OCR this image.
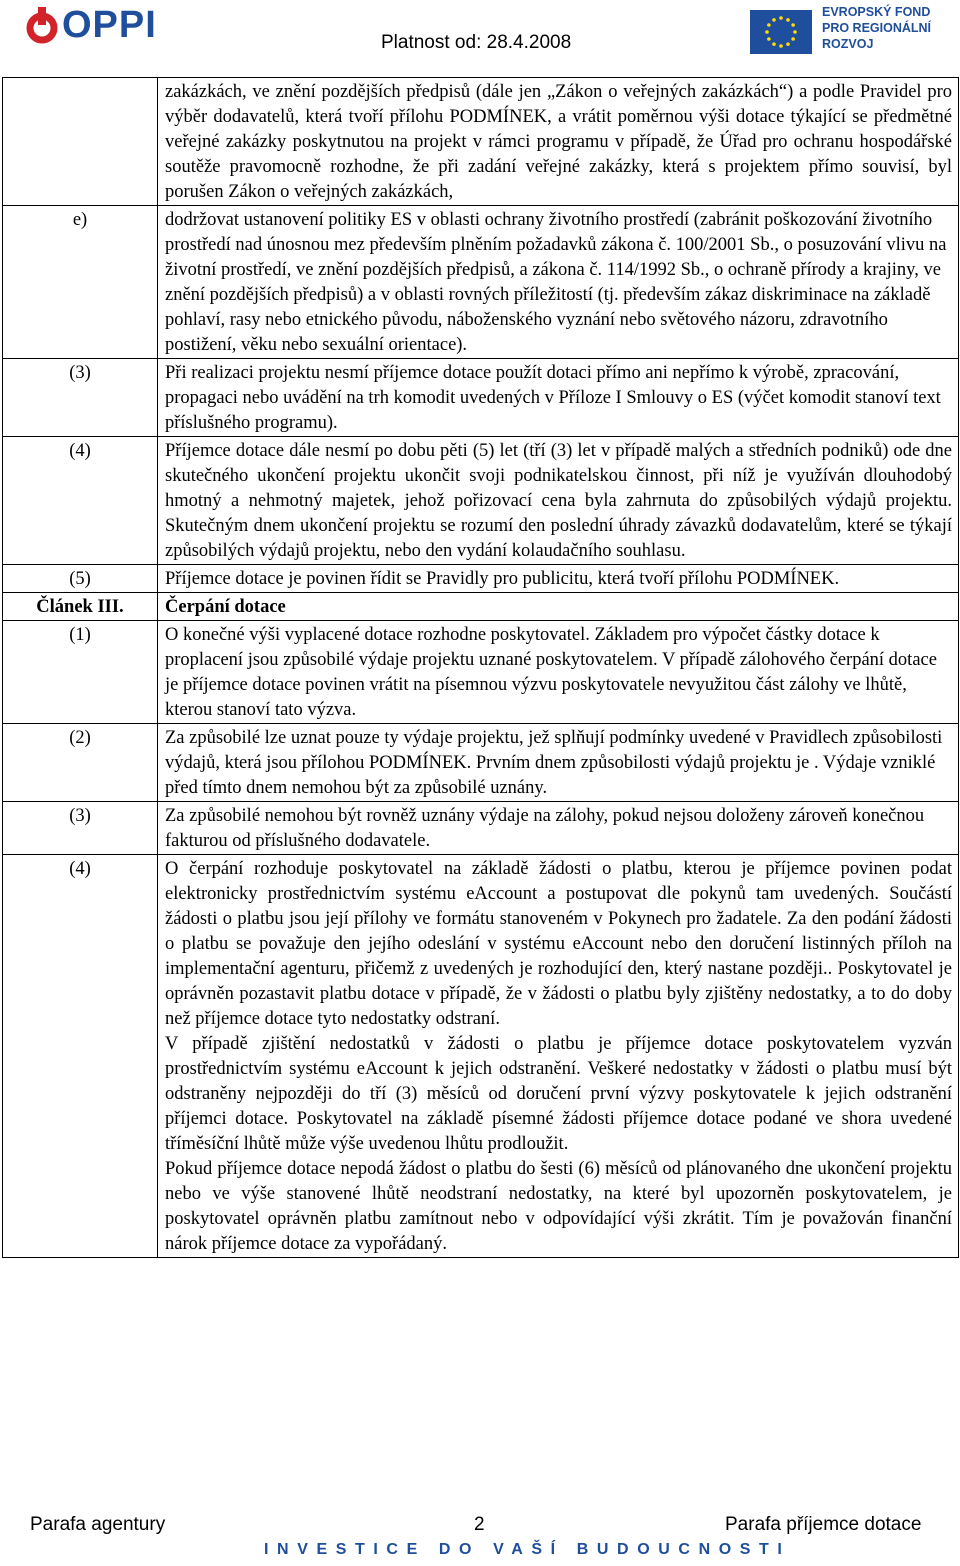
OPPI	Platnost od: 28.4.2008	EVROPSKÁ UNIE
EVROPSKÝ FOND
PRO REGIONÁLNÍ
ROZVOJ
	zakázkách, ve znění pozdějších předpisů (dále jen „Zákon o veřejných zakázkách“) a podle Pravidel pro výběr dodavatelů, která tvoří přílohu PODMÍNEK, a vrátit poměrnou výši dotace týkající se předmětné veřejné zakázky poskytnutou na projekt v rámci programu v případě, že Úřad pro ochranu hospodářské soutěže pravomocně rozhodne, že při zadání veřejné zakázky, která s projektem přímo souvisí, byl porušen Zákon o veřejných zakázkách,
e)	dodržovat ustanovení politiky ES v oblasti ochrany životního prostředí (zabránit poškozování životního prostředí nad únosnou mez především plněním požadavků zákona č. 100/2001 Sb., o posuzování vlivu na životní prostředí, ve znění pozdějších předpisů, a zákona č. 114/1992 Sb., o ochraně přírody a krajiny, ve znění pozdějších předpisů) a v oblasti rovných příležitostí (tj. především zákaz diskriminace na základě pohlaví, rasy nebo etnického původu, náboženského vyznání nebo světového názoru, zdravotního postižení, věku nebo sexuální orientace).
(3)	Při realizaci projektu nesmí příjemce dotace použít dotaci přímo ani nepřímo k výrobě, zpracování, propagaci nebo uvádění na trh komodit uvedených v Příloze I Smlouvy o ES (výčet komodit stanoví text příslušného programu).
(4)	Příjemce dotace dále nesmí po dobu pěti (5) let (tří (3) let v případě malých a středních podniků) ode dne skutečného ukončení projektu ukončit svoji podnikatelskou činnost, při níž je využíván dlouhodobý hmotný a nehmotný majetek, jehož pořizovací cena byla zahrnuta do způsobilých výdajů projektu. Skutečným dnem ukončení projektu se rozumí den poslední úhrady závazků dodavatelům, které se týkají způsobilých výdajů projektu, nebo den vydání kolaudačního souhlasu.
(5)	Příjemce dotace je povinen řídit se Pravidly pro publicitu, která tvoří přílohu PODMÍNEK.
Článek III.	Čerpání dotace
(1)	O konečné výši vyplacené dotace rozhodne poskytovatel. Základem pro výpočet částky dotace k proplacení jsou způsobilé výdaje projektu uznané poskytovatelem. V případě zálohového čerpání dotace je příjemce dotace povinen vrátit na písemnou výzvu poskytovatele nevyužitou část zálohy ve lhůtě, kterou stanoví tato výzva.
(2)	Za způsobilé lze uznat pouze ty výdaje projektu, jež splňují podmínky uvedené v Pravidlech způsobilosti výdajů, která jsou přílohou PODMÍNEK. Prvním dnem způsobilosti výdajů projektu je . Výdaje vzniklé před tímto dnem nemohou být za způsobilé uznány.
(3)	Za způsobilé nemohou být rovněž uznány výdaje na zálohy, pokud nejsou doloženy zároveň konečnou fakturou od příslušného dodavatele.
(4)	O čerpání rozhoduje poskytovatel na základě žádosti o platbu, kterou je příjemce povinen podat elektronicky prostřednictvím systému eAccount a postupovat dle pokynů tam uvedených. Součástí žádosti o platbu jsou její přílohy ve formátu stanoveném v Pokynech pro žadatele. Za den podání žádosti o platbu se považuje den jejího odeslání v systému eAccount nebo den doručení listinných příloh na implementační agenturu, přičemž z uvedených je rozhodující den, který nastane později.. Poskytovatel je oprávněn pozastavit platbu dotace v případě, že v žádosti o platbu byly zjištěny nedostatky, a to do doby než příjemce dotace tyto nedostatky odstraní.
V případě zjištění nedostatků v žádosti o platbu je příjemce dotace poskytovatelem vyzván prostřednictvím systému eAccount k jejich odstranění. Veškeré nedostatky v žádosti o platbu musí být odstraněny nejpozději do tří (3) měsíců od doručení první výzvy poskytovatele k jejich odstranění příjemci dotace. Poskytovatel na základě písemné žádosti příjemce dotace podané ve shora uvedené tříměsíční lhůtě může výše uvedenou lhůtu prodloužit.
Pokud příjemce dotace nepodá žádost o platbu do šesti (6) měsíců od plánovaného dne ukončení projektu nebo ve výše stanovené lhůtě neodstraní nedostatky, na které byl upozorněn poskytovatelem, je poskytovatel oprávněn platbu zamítnout nebo v odpovídající výši zkrátit. Tím je považován finanční nárok příjemce dotace za vypořádaný.
Parafa agentury	2	Parafa příjemce dotace
INVESTICE DO VAŠÍ BUDOUCNOSTI
